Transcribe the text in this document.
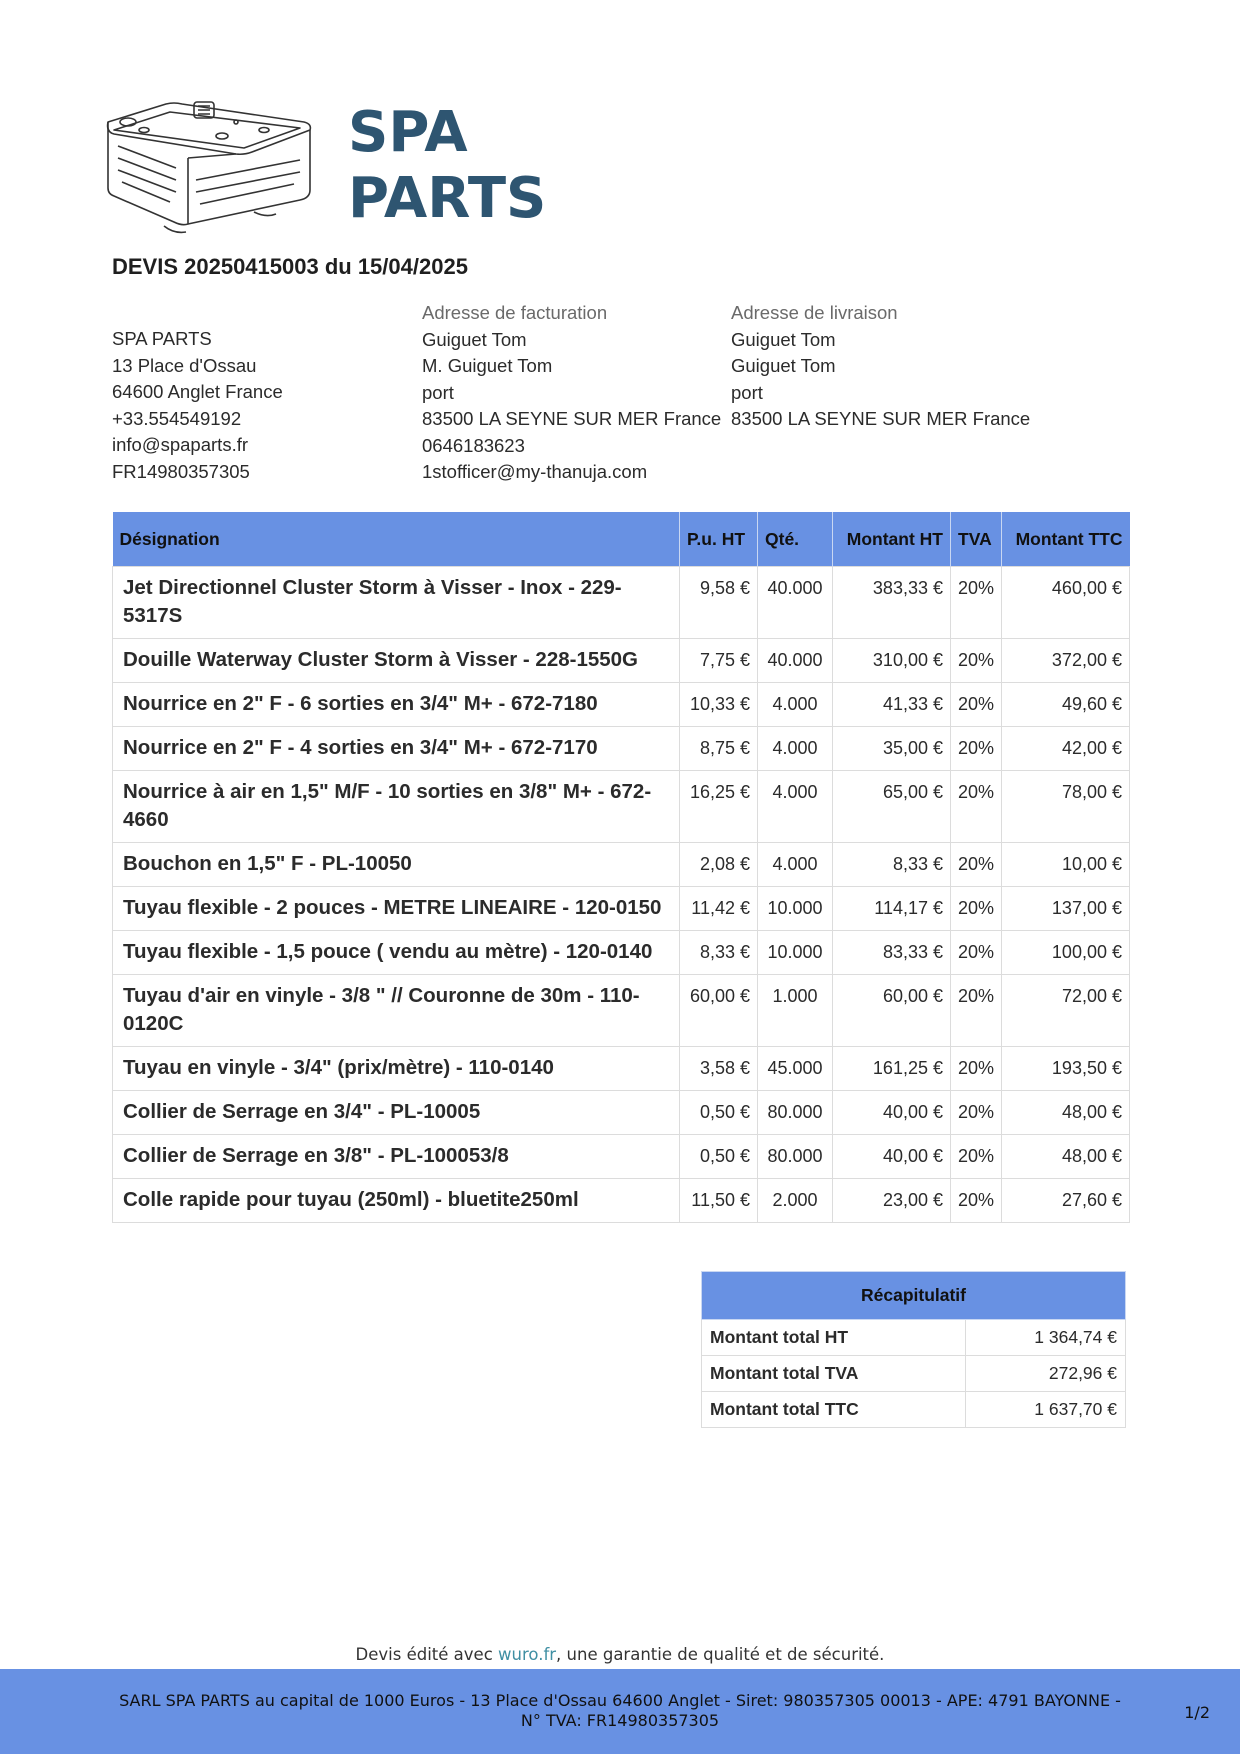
SPA
PARTS
DEVIS 20250415003 du 15/04/2025
SPA PARTS
13 Place d'Ossau
64600 Anglet France
+33.554549192
info@spaparts.fr
FR14980357305
Adresse de facturation
Guiguet Tom
M. Guiguet Tom
port
83500 LA SEYNE SUR MER France
0646183623
1stofficer@my-thanuja.com
Adresse de livraison
Guiguet Tom
Guiguet Tom
port
83500 LA SEYNE SUR MER France
Désignation	P.u. HT	Qté.	Montant HT	TVA	Montant TTC
Jet Directionnel Cluster Storm à Visser - Inox - 229-5317S	9,58 €	40.000	383,33 €	20%	460,00 €
Douille Waterway Cluster Storm à Visser - 228-1550G	7,75 €	40.000	310,00 €	20%	372,00 €
Nourrice en 2" F - 6 sorties en 3/4" M+ - 672-7180	10,33 €	4.000	41,33 €	20%	49,60 €
Nourrice en 2" F - 4 sorties en 3/4" M+ - 672-7170	8,75 €	4.000	35,00 €	20%	42,00 €
Nourrice à air en 1,5" M/F - 10 sorties en 3/8" M+ - 672-4660	16,25 €	4.000	65,00 €	20%	78,00 €
Bouchon en 1,5" F - PL-10050	2,08 €	4.000	8,33 €	20%	10,00 €
Tuyau flexible - 2 pouces - METRE LINEAIRE - 120-0150	11,42 €	10.000	114,17 €	20%	137,00 €
Tuyau flexible - 1,5 pouce ( vendu au mètre) - 120-0140	8,33 €	10.000	83,33 €	20%	100,00 €
Tuyau d'air en vinyle - 3/8 " // Couronne de 30m - 110-0120C	60,00 €	1.000	60,00 €	20%	72,00 €
Tuyau en vinyle - 3/4" (prix/mètre) - 110-0140	3,58 €	45.000	161,25 €	20%	193,50 €
Collier de Serrage en 3/4" - PL-10005	0,50 €	80.000	40,00 €	20%	48,00 €
Collier de Serrage en 3/8" - PL-100053/8	0,50 €	80.000	40,00 €	20%	48,00 €
Colle rapide pour tuyau (250ml) - bluetite250ml	11,50 €	2.000	23,00 €	20%	27,60 €
Récapitulatif	
Montant total HT	1 364,74 €
Montant total TVA	272,96 €
Montant total TTC	1 637,70 €
Devis édité avec wuro.fr, une garantie de qualité et de sécurité.
SARL SPA PARTS au capital de 1000 Euros - 13 Place d'Ossau 64600 Anglet - Siret: 980357305 00013 - APE: 4791 BAYONNE -
N° TVA: FR14980357305	1/2
